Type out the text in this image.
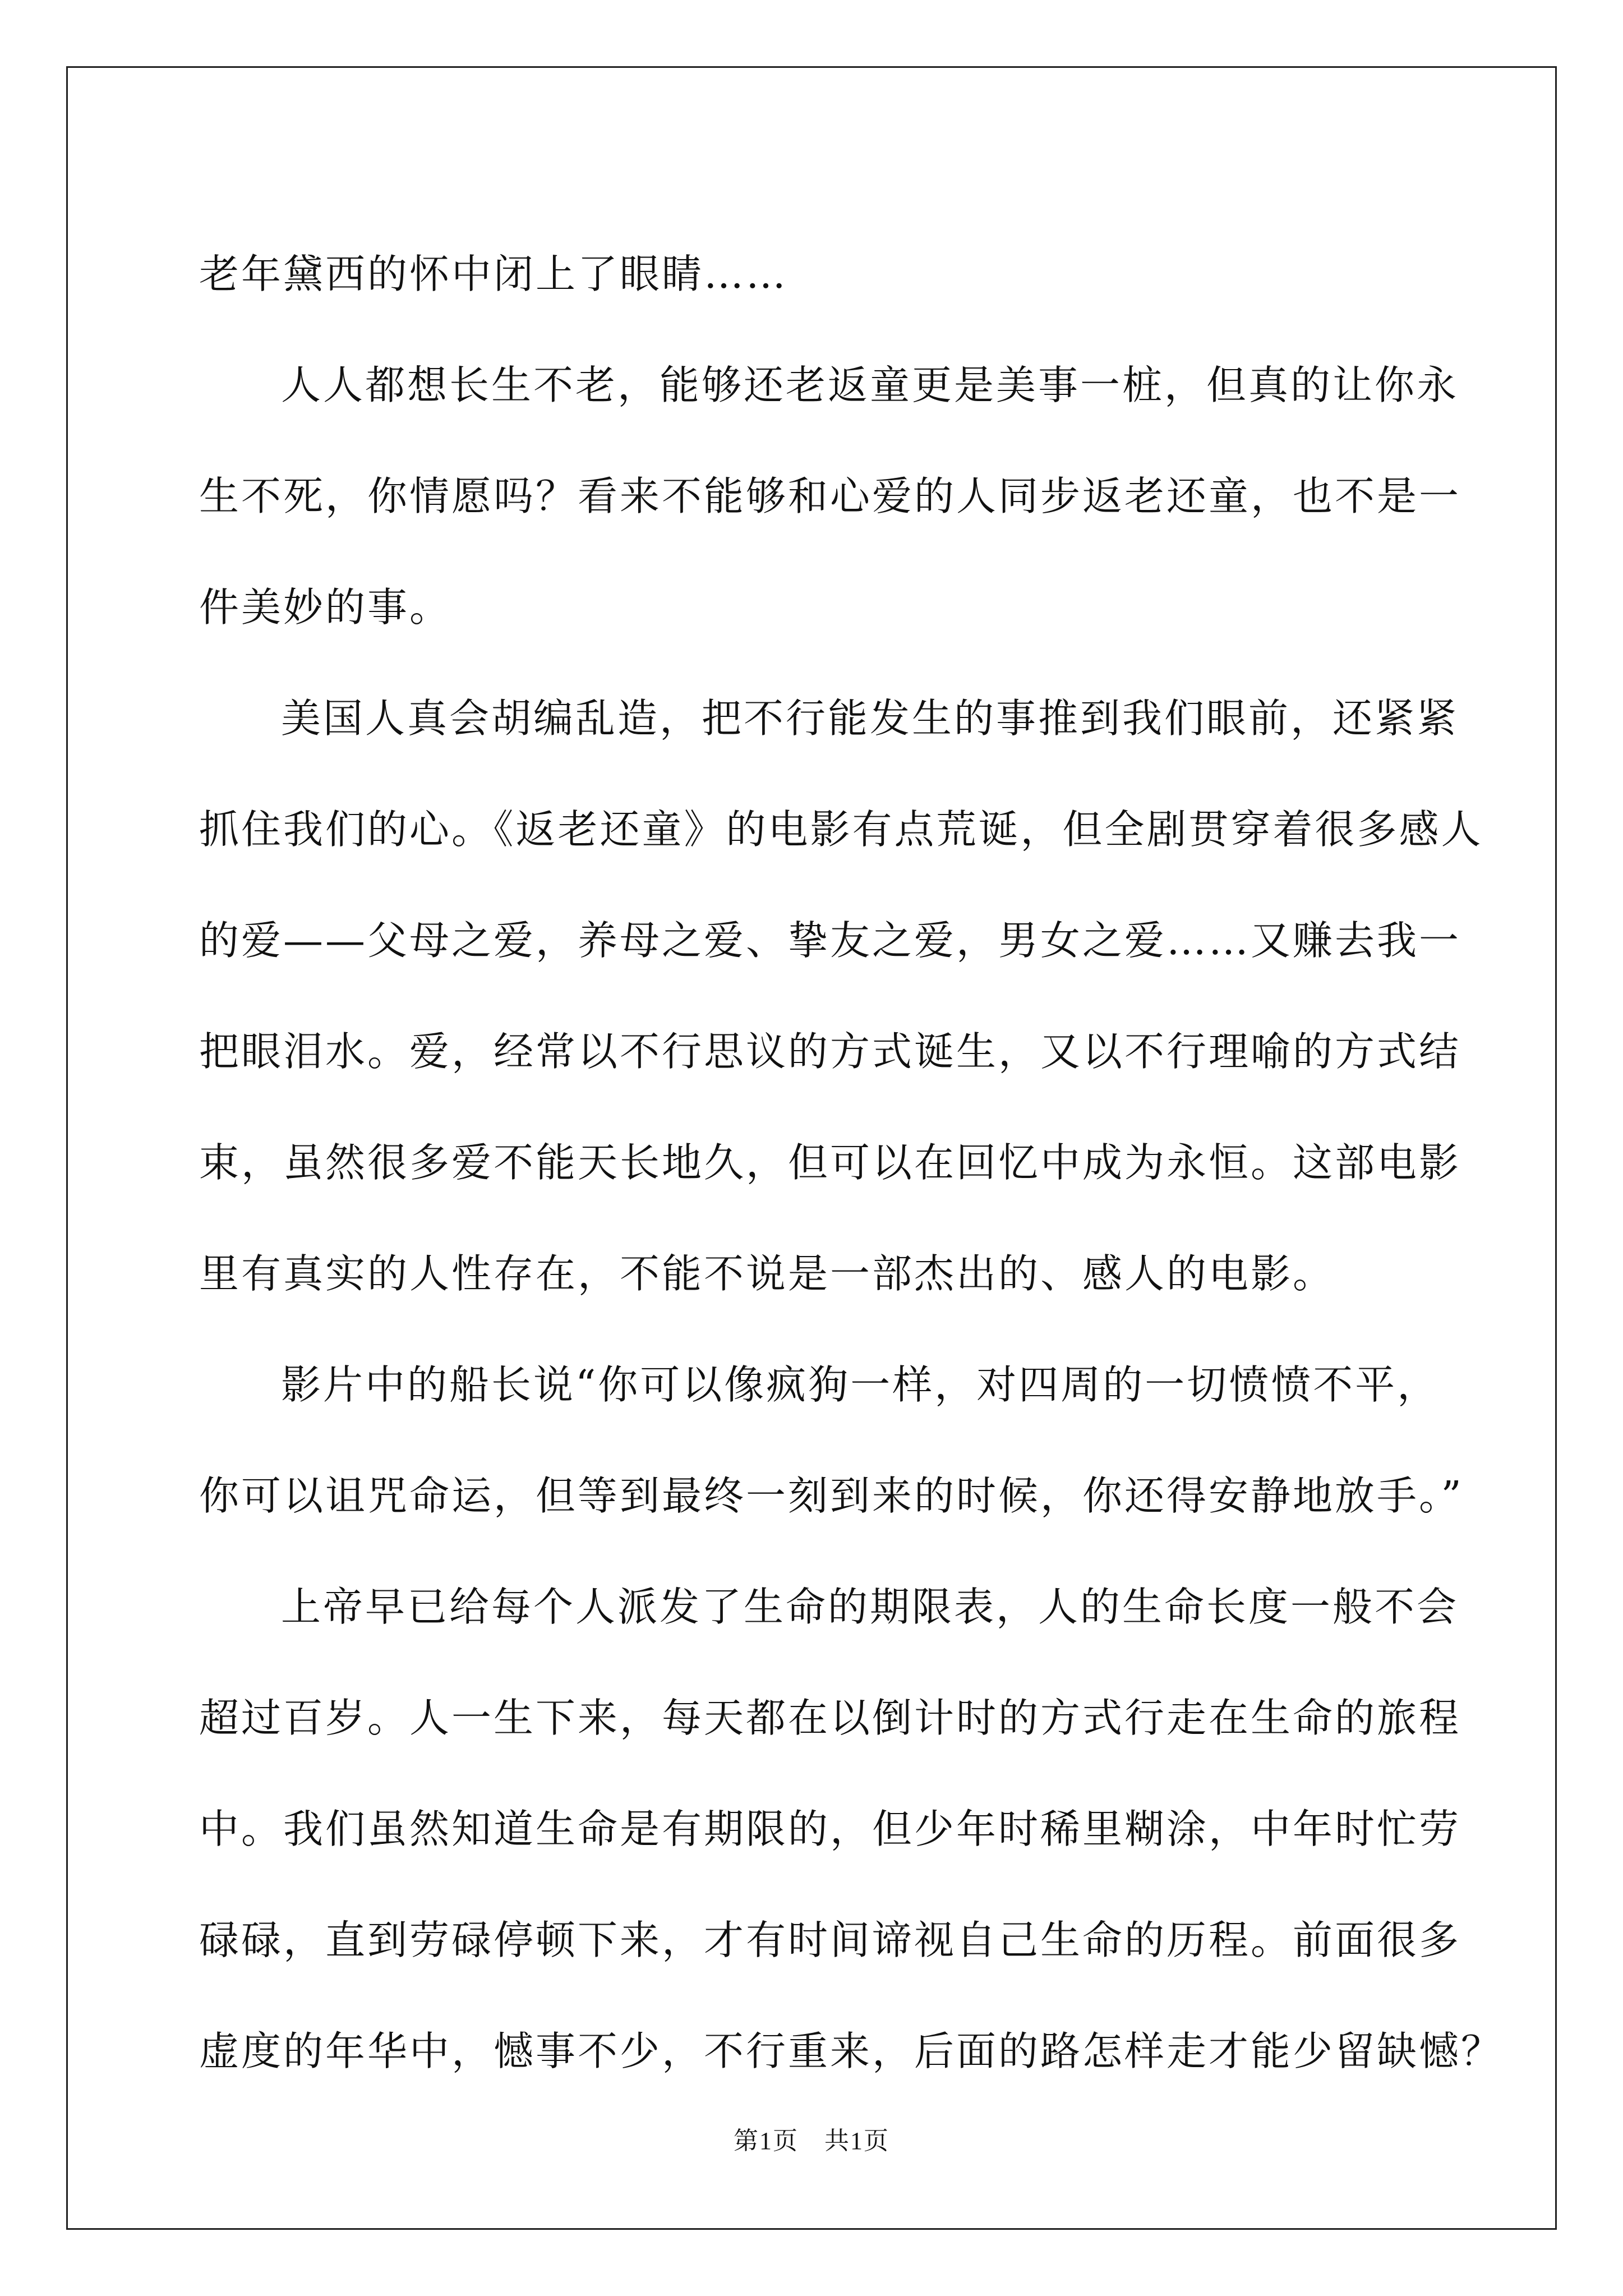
老年黛西的怀中闭上了眼睛……
人人都想长生不老，能够还老返童更是美事一桩，但真的让你永
生不死，你情愿吗？看来不能够和心爱的人同步返老还童，也不是一
件美妙的事。
美国人真会胡编乱造，把不行能发生的事推到我们眼前，还紧紧
抓住我们的心。《返老还童》的电影有点荒诞，但全剧贯穿着很多感人
的爱——父母之爱，养母之爱、挚友之爱，男女之爱……又赚去我一
把眼泪水。爱，经常以不行思议的方式诞生，又以不行理喻的方式结
束，虽然很多爱不能天长地久，但可以在回忆中成为永恒。这部电影
里有真实的人性存在，不能不说是一部杰出的、感人的电影。
影片中的船长说“你可以像疯狗一样，对四周的一切愤愤不平，
你可以诅咒命运，但等到最终一刻到来的时候，你还得安静地放手。”
上帝早已给每个人派发了生命的期限表，人的生命长度一般不会
超过百岁。人一生下来，每天都在以倒计时的方式行走在生命的旅程
中。我们虽然知道生命是有期限的，但少年时稀里糊涂，中年时忙劳
碌碌，直到劳碌停顿下来，才有时间谛视自己生命的历程。前面很多
虚度的年华中，憾事不少，不行重来，后面的路怎样走才能少留缺憾？
第1页　共1页
